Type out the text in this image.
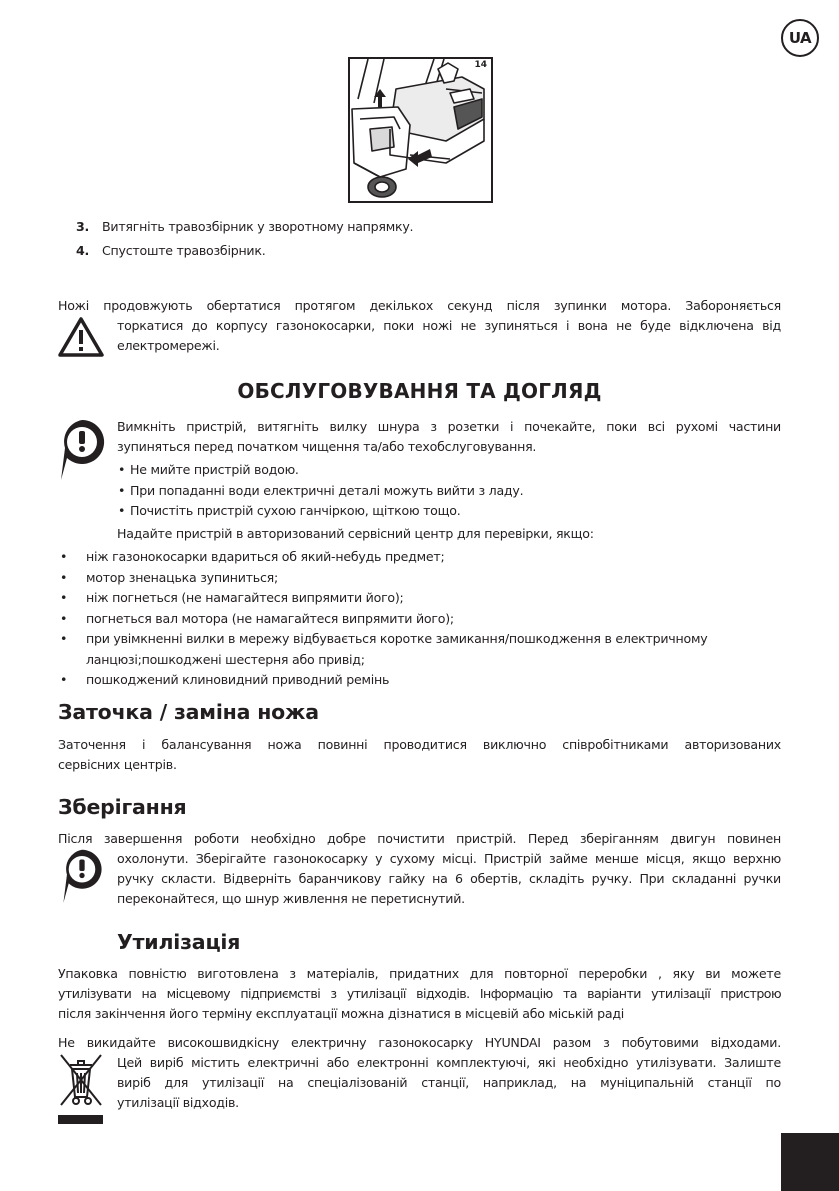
UA
14
3. Витягніть травозбірник у зворотному напрямку.
4. Спустоште травозбірник.
Ножі продовжують обертатися протягом декількох секунд після зупинки мотора. Забороняється
торкатися до корпусу газонокосарки, поки ножі не зупиняться і вона не буде відключена від
електромережі.
ОБСЛУГОВУВАННЯ ТА ДОГЛЯД
Вимкніть пристрій, витягніть вилку шнура з розетки і почекайте, поки всі рухомі частини
зупиняться перед початком чищення та/або техобслуговування.
• Не мийте пристрій водою.
• При попаданні води електричні деталі можуть вийти з ладу.
• Почистіть пристрій сухою ганчіркою, щіткою тощо.
Надайте пристрій в авторизований сервісний центр для перевірки, якщо:
• ніж газонокосарки вдариться об який-небудь предмет;
• мотор зненацька зупиниться;
• ніж погнеться (не намагайтеся випрямити його);
• погнеться вал мотора (не намагайтеся випрямити його);
• при увімкненні вилки в мережу відбувається коротке замикання/пошкодження в електричному ланцюзі;пошкоджені шестерня або привід;
• пошкоджений клиновидний приводний ремінь
Заточка / заміна ножа
Заточення і балансування ножа повинні проводитися виключно співробітниками авторизованих
сервісних центрів.
Зберігання
Після завершення роботи необхідно добре почистити пристрій. Перед зберіганням двигун повинен
охолонути. Зберігайте газонокосарку у сухому місці. Пристрій займе менше місця, якщо верхню
ручку скласти. Відверніть баранчикову гайку на 6 обертів, складіть ручку. При складанні ручки
переконайтеся, що шнур живлення не перетиснутий.
Утилізація
Упаковка повністю виготовлена з матеріалів, придатних для повторної переробки , яку ви можете
утилізувати на місцевому підприємстві з утилізації відходів. Інформацію та варіанти утилізації пристрою
після закінчення його терміну експлуатації можна дізнатися в місцевій або міській раді
Не викидайте високошвидкісну електричну газонокосарку HYUNDAI разом з побутовими відходами.
Цей виріб містить електричні або електронні комплектуючі, які необхідно утилізувати. Залиште
виріб для утилізації на спеціалізованій станції, наприклад, на муніципальній станції по
утилізації відходів.
